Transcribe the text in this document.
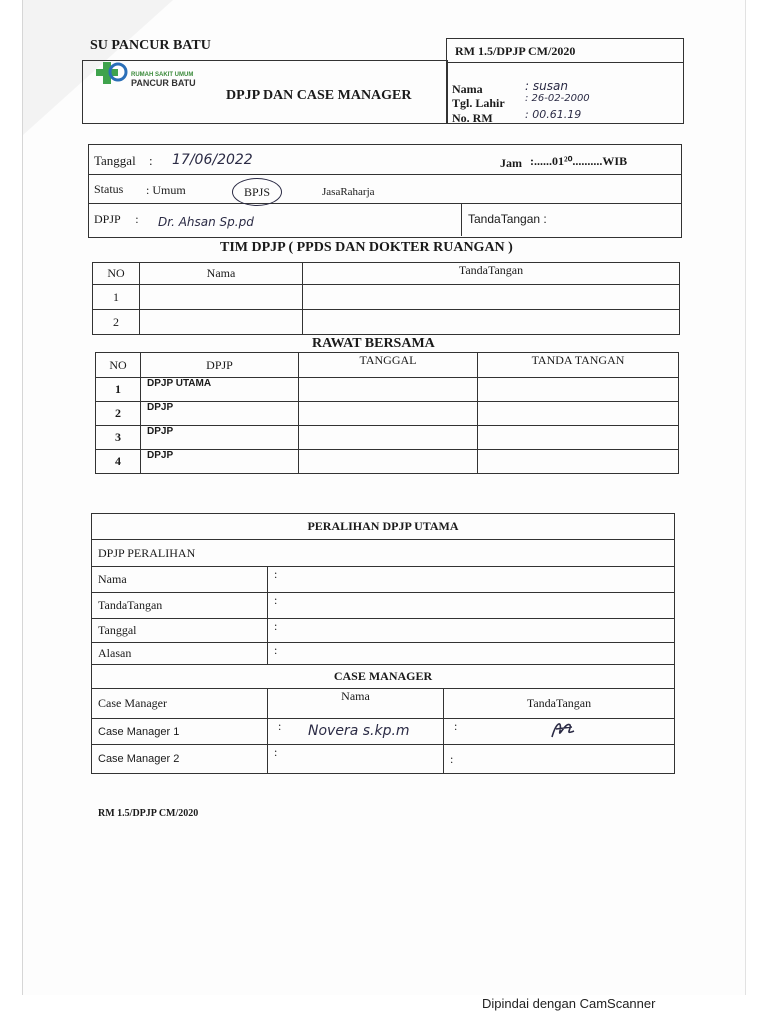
SU PANCUR BATU	RM 1.5/DPJP CM/2020
RUMAH SAKIT UMUM
PANCUR BATU
DPJP DAN CASE MANAGER	Nama	: susan
Tgl. Lahir : 26-02-2000
No. RM	: 00.61.19
Tanggal : 17/06/2022	Jam :......01²⁰..........WIB
Status : Umum	BPJS	JasaRaharja
DPJP : Dr. Ahsan Sp.pd	TandaTangan :
TIM DPJP ( PPDS DAN DOKTER RUANGAN )
NO	Nama	TandaTangan
1		
2		
RAWAT BERSAMA
NO	DPJP	TANGGAL	TANDA TANGAN
1	DPJP UTAMA		
2	DPJP		
3	DPJP		
4	DPJP		
PERALIHAN DPJP UTAMA		
DPJP PERALIHAN		
Nama	:	
TandaTangan	:	
Tanggal	:	
Alasan	:	
CASE MANAGER		
Case Manager	Nama	TandaTangan
Case Manager 1	: Novera s.kp.m	:

Case Manager 2	:	:
RM 1.5/DPJP CM/2020
Dipindai dengan CamScanner
